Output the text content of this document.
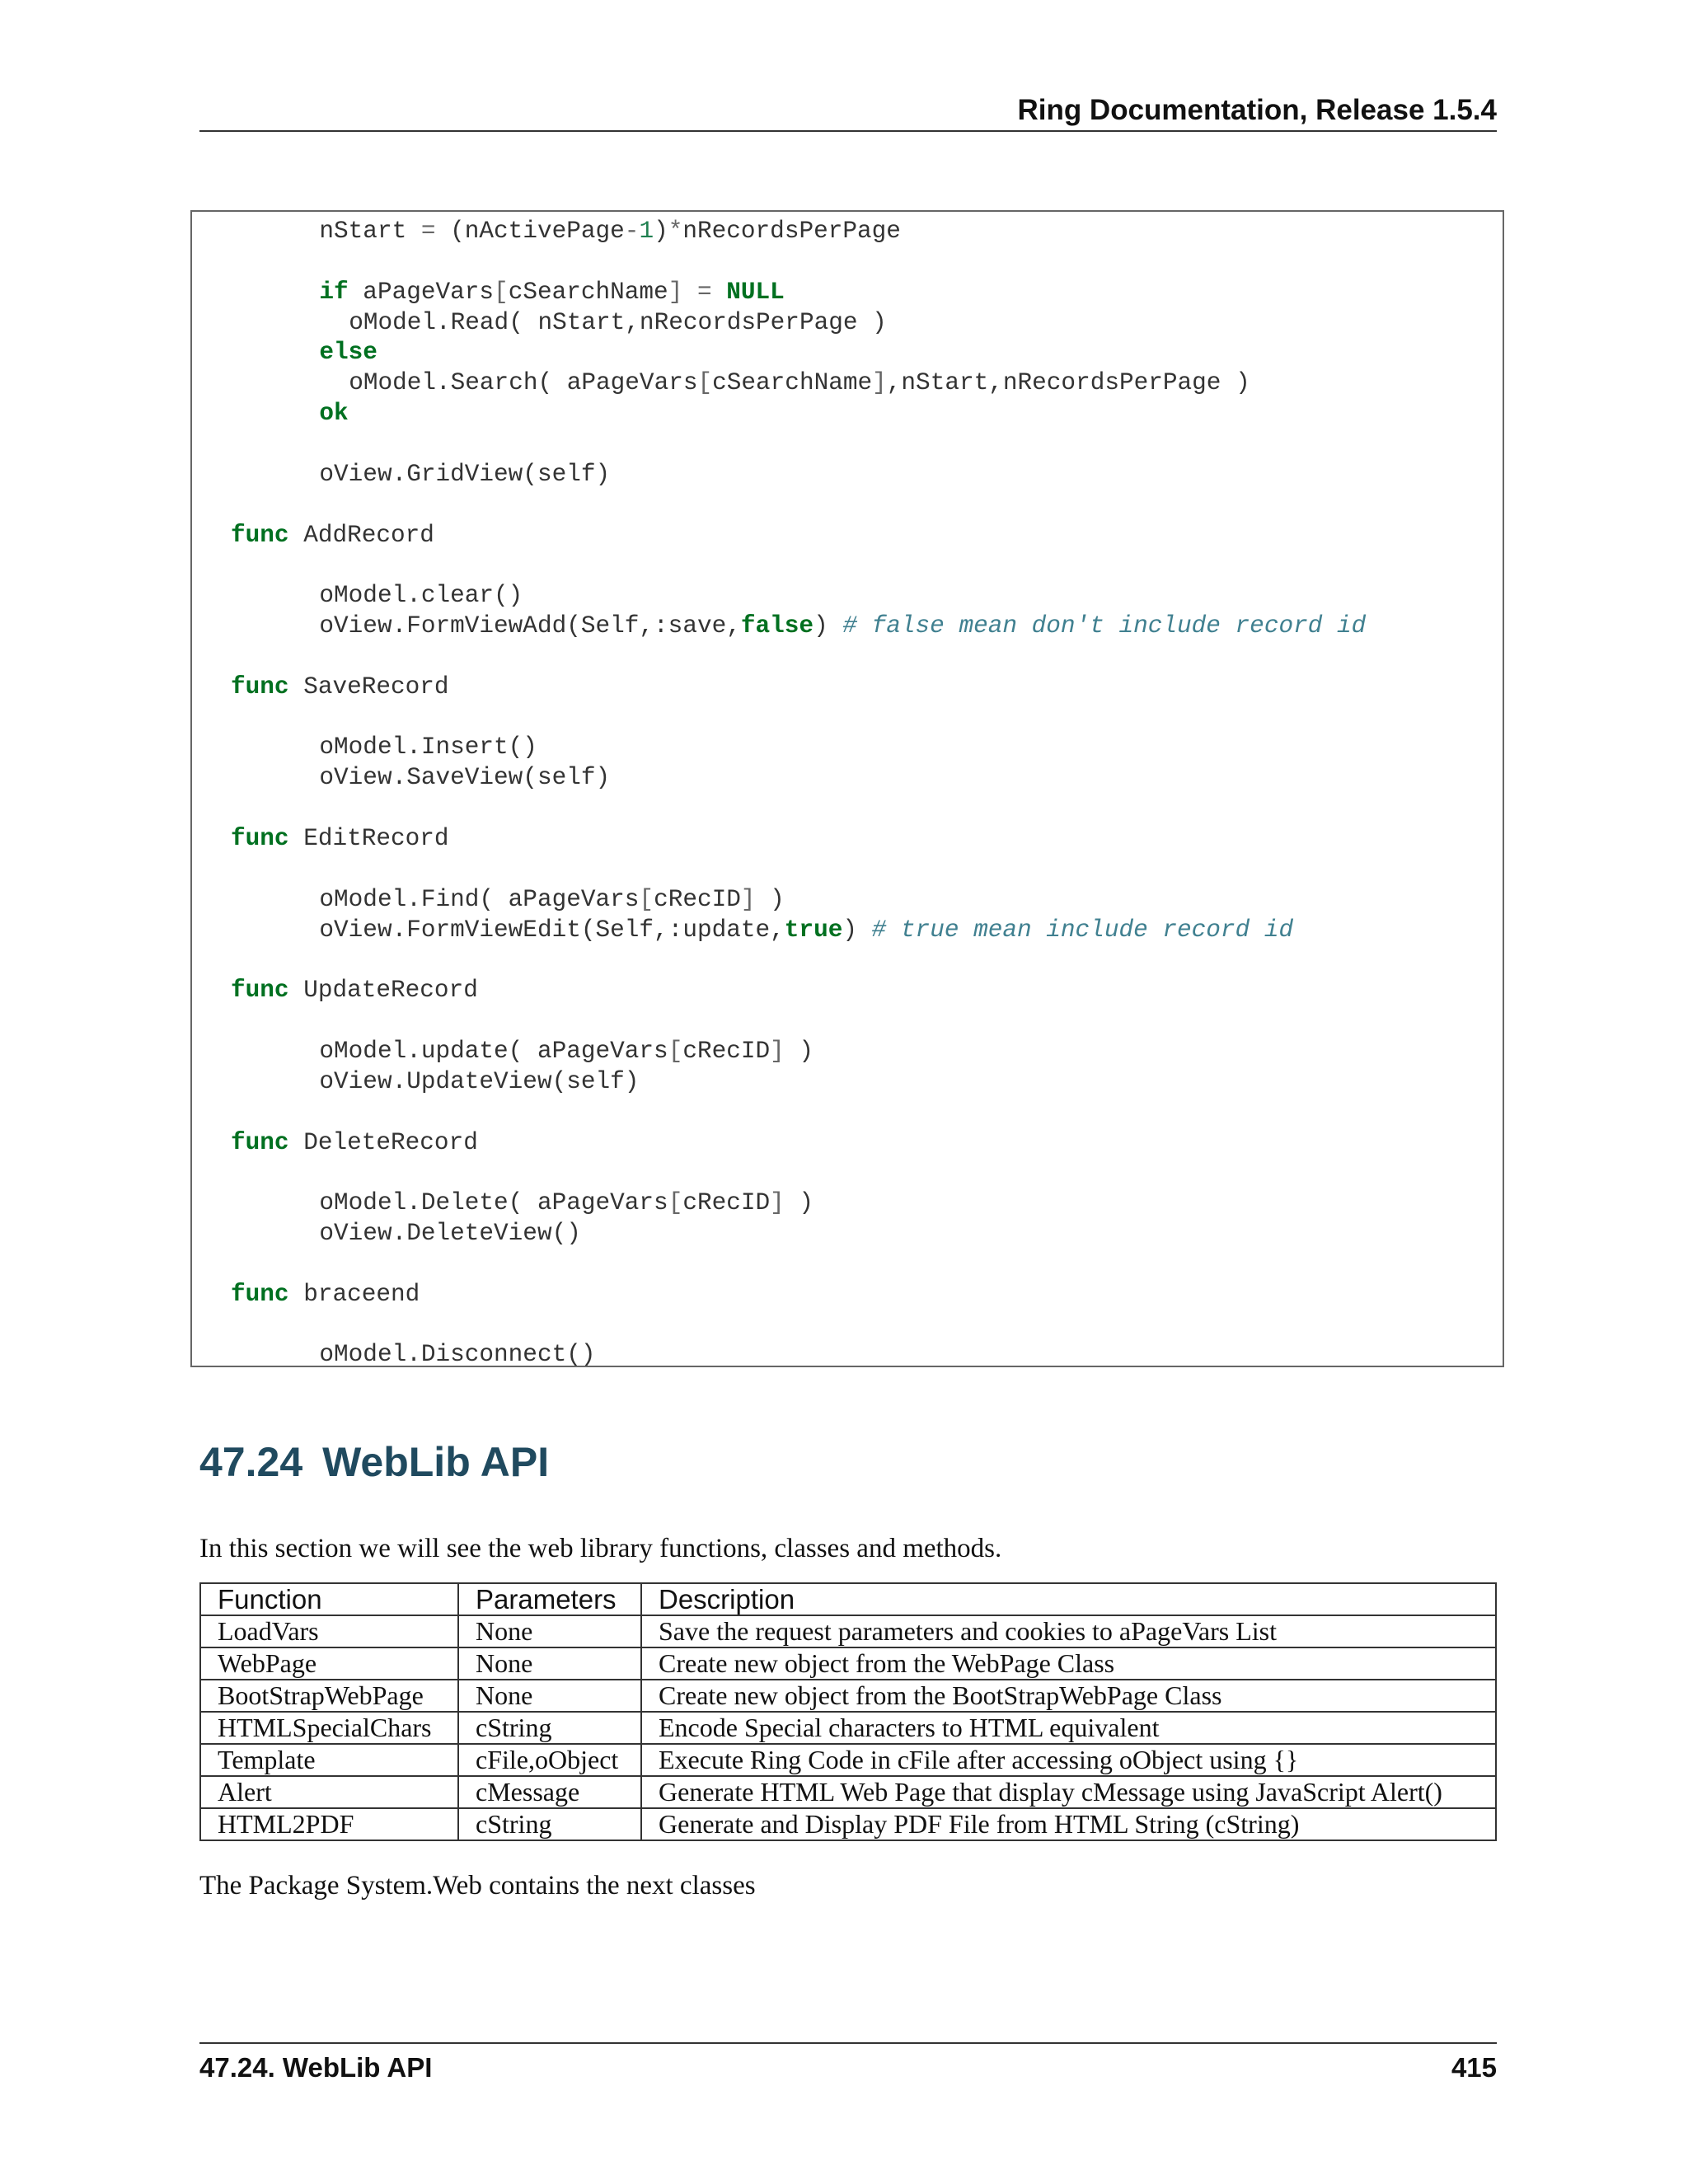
Ring Documentation, Release 1.5.4
nStart = (nActivePage-1)*nRecordsPerPage
if aPageVars[cSearchName] = NULL
oModel.Read( nStart,nRecordsPerPage )
else
oModel.Search( aPageVars[cSearchName],nStart,nRecordsPerPage )
ok
oView.GridView(self)
func AddRecord
oModel.clear()
oView.FormViewAdd(Self,:save,false) # false mean don't include record id
func SaveRecord
oModel.Insert()
oView.SaveView(self)
func EditRecord
oModel.Find( aPageVars[cRecID] )
oView.FormViewEdit(Self,:update,true) # true mean include record id
func UpdateRecord
oModel.update( aPageVars[cRecID] )
oView.UpdateView(self)
func DeleteRecord
oModel.Delete( aPageVars[cRecID] )
oView.DeleteView()
func braceend
oModel.Disconnect()
47.24 WebLib API
In this section we will see the web library functions, classes and methods.
Function	Parameters	Description
LoadVars	None	Save the request parameters and cookies to aPageVars List
WebPage	None	Create new object from the WebPage Class
BootStrapWebPage	None	Create new object from the BootStrapWebPage Class
HTMLSpecialChars	cString	Encode Special characters to HTML equivalent
Template	cFile,oObject	Execute Ring Code in cFile after accessing oObject using {}
Alert	cMessage	Generate HTML Web Page that display cMessage using JavaScript Alert()
HTML2PDF	cString	Generate and Display PDF File from HTML String (cString)
The Package System.Web contains the next classes
47.24. WebLib API	415
